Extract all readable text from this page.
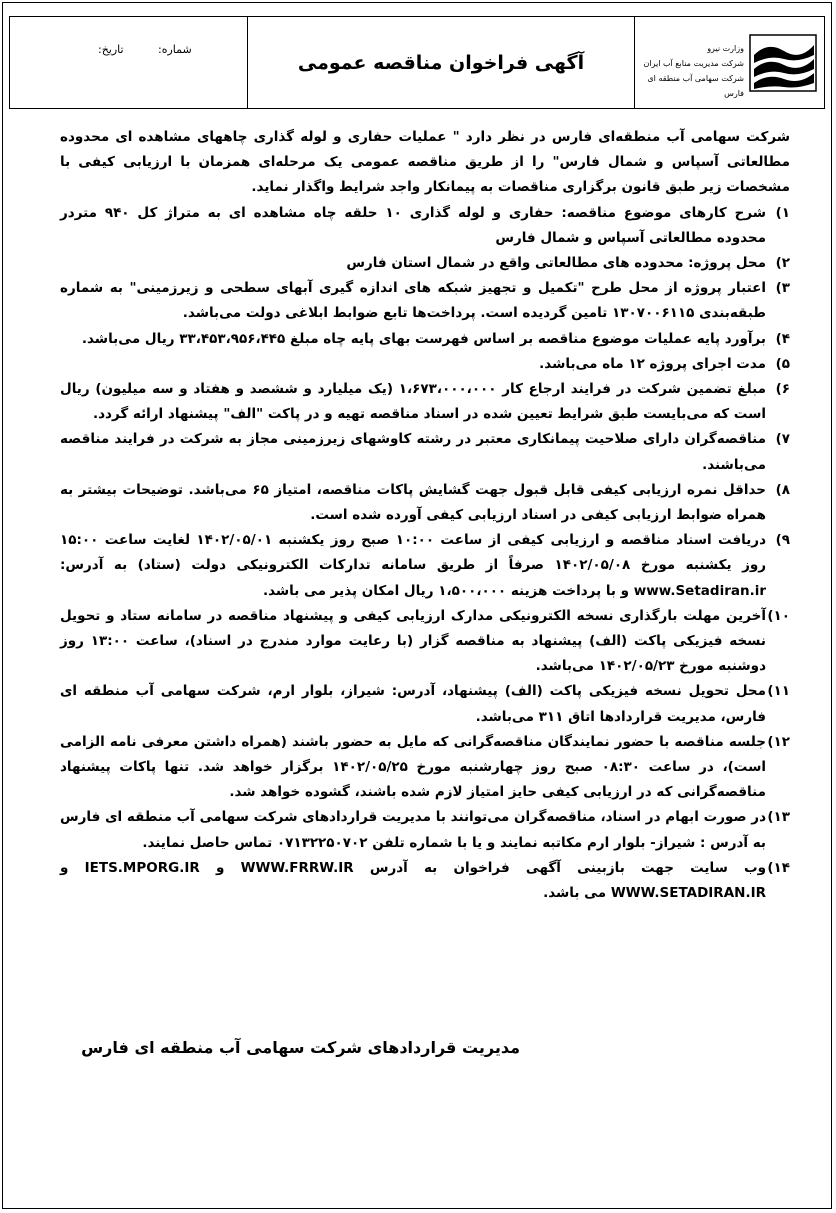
شماره:
تاریخ:
آگهی فراخوان مناقصه عمومی
وزارت نیرو
شرکت مدیریت منابع آب ایران
شرکت سهامی آب منطقه ای فارس

شرکت سهامی آب منطقه‌ای فارس در نظر دارد " عملیات حفاری و لوله گذاری چاههای مشاهده ای محدوده مطالعاتی آسپاس و شمال فارس" را از طریق مناقصه عمومی یک مرحله‌ای همزمان با ارزیابی کیفی با مشخصات زیر طبق قانون برگزاری مناقصات به پیمانکار واجد شرایط واگذار نماید.

۱)
شرح کارهای موضوع مناقصه: حفاری و لوله گذاری ۱۰ حلقه چاه مشاهده ای به متراژ کل ۹۴۰ متردر محدوده مطالعاتی آسپاس و شمال فارس
۲)
محل پروژه: محدوده های مطالعاتی واقع در شمال استان فارس
۳)
اعتبار پروژه از محل طرح "تکمیل و تجهیز شبکه های اندازه گیری آبهای سطحی و زیرزمینی" به شماره طبقه‌بندی ۱۳۰۷۰۰۶۱۱۵ تامین گردیده است. پرداخت‌ها تابع ضوابط ابلاغی دولت می‌باشد.
۴)
برآورد پایه عملیات موضوع مناقصه بر اساس فهرست بهای پایه چاه مبلغ ۳۳،۴۵۳،۹۵۶،۴۴۵ ریال می‌باشد.
۵)
مدت اجرای پروژه ۱۲ ماه می‌باشد.
۶)
مبلغ تضمین شرکت در فرایند ارجاع کار ۱،۶۷۳،۰۰۰،۰۰۰ (یک میلیارد و ششصد و هفتاد و سه میلیون) ریال است که می‌بایست طبق شرایط تعیین شده در اسناد مناقصه تهیه و در پاکت "الف" پیشنهاد ارائه گردد.
۷)
مناقصه‌گران دارای صلاحیت پیمانکاری معتبر در رشته کاوشهای زیرزمینی مجاز به شرکت در فرایند مناقصه می‌باشند.
۸)
حداقل نمره ارزیابی کیفی قابل قبول جهت گشایش پاکات مناقصه، امتیاز ۶۵ می‌باشد. توضیحات بیشتر به همراه ضوابط ارزیابی کیفی در اسناد ارزیابی کیفی آورده شده است.
۹)
دریافت اسناد مناقصه و ارزیابی کیفی از ساعت ۱۰:۰۰ صبح روز یکشنبه ۱۴۰۲/۰۵/۰۱ لغایت ساعت ۱۵:۰۰ روز یکشنبه مورخ ۱۴۰۲/۰۵/۰۸ صرفاً از طریق سامانه تدارکات الکترونیکی دولت (ستاد) به آدرس: www.Setadiran.ir و با پرداخت هزینه ۱،۵۰۰،۰۰۰ ریال امکان پذیر می باشد.
۱۰)
آخرین مهلت بارگذاری نسخه الکترونیکی مدارک ارزیابی کیفی و پیشنهاد مناقصه در سامانه ستاد و تحویل نسخه فیزیکی پاکت (الف) پیشنهاد به مناقصه گزار (با رعایت موارد مندرج در اسناد)، ساعت ۱۳:۰۰ روز دوشنبه مورخ ۱۴۰۲/۰۵/۲۳ می‌باشد.
۱۱)
محل تحویل نسخه فیزیکی پاکت (الف) پیشنهاد، آدرس: شیراز، بلوار ارم، شرکت سهامی آب منطقه ای فارس، مدیریت قراردادها اتاق ۳۱۱ می‌باشد.
۱۲)
جلسه مناقصه با حضور نمایندگان مناقصه‌گرانی که مایل به حضور باشند (همراه داشتن معرفی نامه الزامی است)، در ساعت ۰۸:۳۰ صبح روز چهارشنبه مورخ ۱۴۰۲/۰۵/۲۵ برگزار خواهد شد. تنها پاکات پیشنهاد مناقصه‌گرانی که در ارزیابی کیفی حایز امتیاز لازم شده باشند، گشوده خواهد شد.
۱۳)
در صورت ابهام در اسناد، مناقصه‌گران می‌توانند با مدیریت قراردادهای شرکت سهامی آب منطقه ای فارس به آدرس : شیراز- بلوار ارم مکاتبه نمایند و یا با شماره تلفن ۰۷۱۳۲۲۵۰۷۰۲ تماس حاصل نمایند.
۱۴)
وب سایت جهت بازبینی آگهی فراخوان به آدرس WWW.FRRW.IR و IETS.MPORG.IR و WWW.SETADIRAN.IR می باشد.
مدیریت قراردادهای شرکت سهامی آب منطقه ای فارس
